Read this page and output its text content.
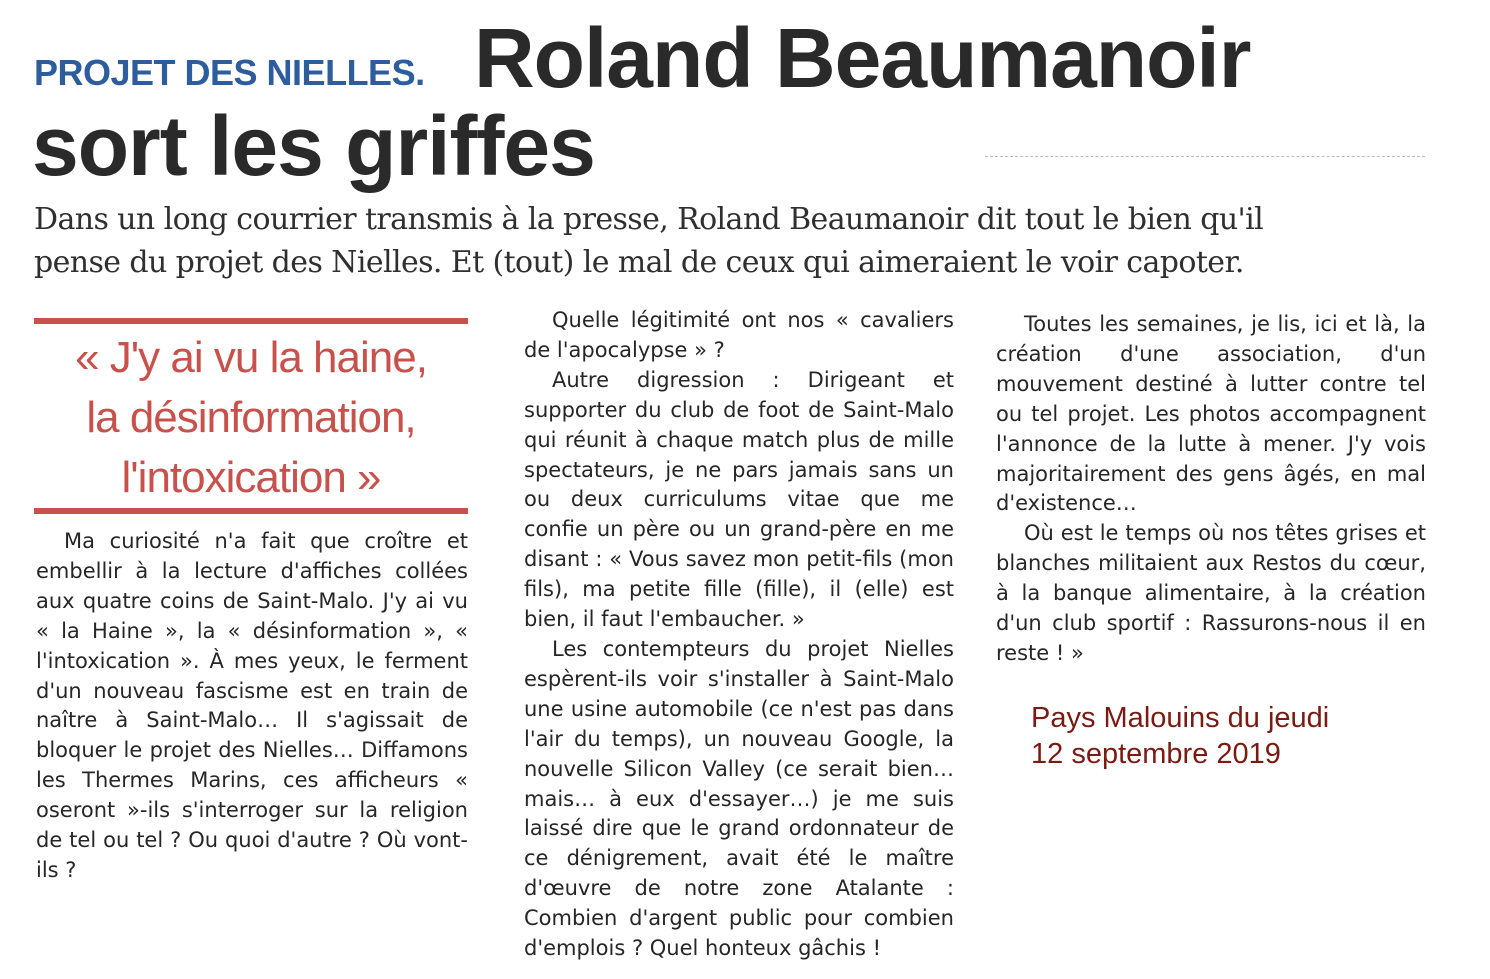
PROJET DES NIELLES. Roland Beaumanoir
sort les griffes
Dans un long courrier transmis à la presse, Roland Beaumanoir dit tout le bien qu'il
pense du projet des Nielles. Et (tout) le mal de ceux qui aimeraient le voir capoter.
« J'y ai vu la haine,
la désinformation,
l'intoxication »

Ma curiosité n'a fait que croître et embellir à la lecture d'affiches collées aux quatre coins de Saint-Malo. J'y ai vu « la Haine », la « désinformation », « l'intoxication ». À mes yeux, le ferment d'un nouveau fascisme est en train de naître à Saint-Malo… Il s'agissait de bloquer le projet des Nielles… Diffamons les Thermes Marins, ces afficheurs « oseront »-ils s'interroger sur la religion de tel ou tel ? Ou quoi d'autre ? Où vont-ils ?

Quelle légitimité ont nos « cavaliers de l'apocalypse » ?

Autre digression : Dirigeant et supporter du club de foot de Saint-Malo qui réunit à chaque match plus de mille spectateurs, je ne pars jamais sans un ou deux curriculums vitae que me confie un père ou un grand-père en me disant : « Vous savez mon petit-fils (mon fils), ma petite fille (fille), il (elle) est bien, il faut l'embaucher. »

Les contempteurs du projet Nielles espèrent-ils voir s'installer à Saint-Malo une usine automobile (ce n'est pas dans l'air du temps), un nouveau Google, la nouvelle Silicon Valley (ce serait bien… mais… à eux d'essayer…) je me suis laissé dire que le grand ordonnateur de ce dénigrement, avait été le maître d'œuvre de notre zone Atalante : Combien d'argent public pour combien d'emplois ? Quel honteux gâchis !

Toutes les semaines, je lis, ici et là, la création d'une association, d'un mouvement destiné à lutter contre tel ou tel projet. Les photos accompagnent l'annonce de la lutte à mener. J'y vois majoritairement des gens âgés, en mal d'existence…

Où est le temps où nos têtes grises et blanches militaient aux Restos du cœur, à la banque alimentaire, à la création d'un club sportif : Rassurons-nous il en reste ! »

Pays Malouins du jeudi
12 septembre 2019
